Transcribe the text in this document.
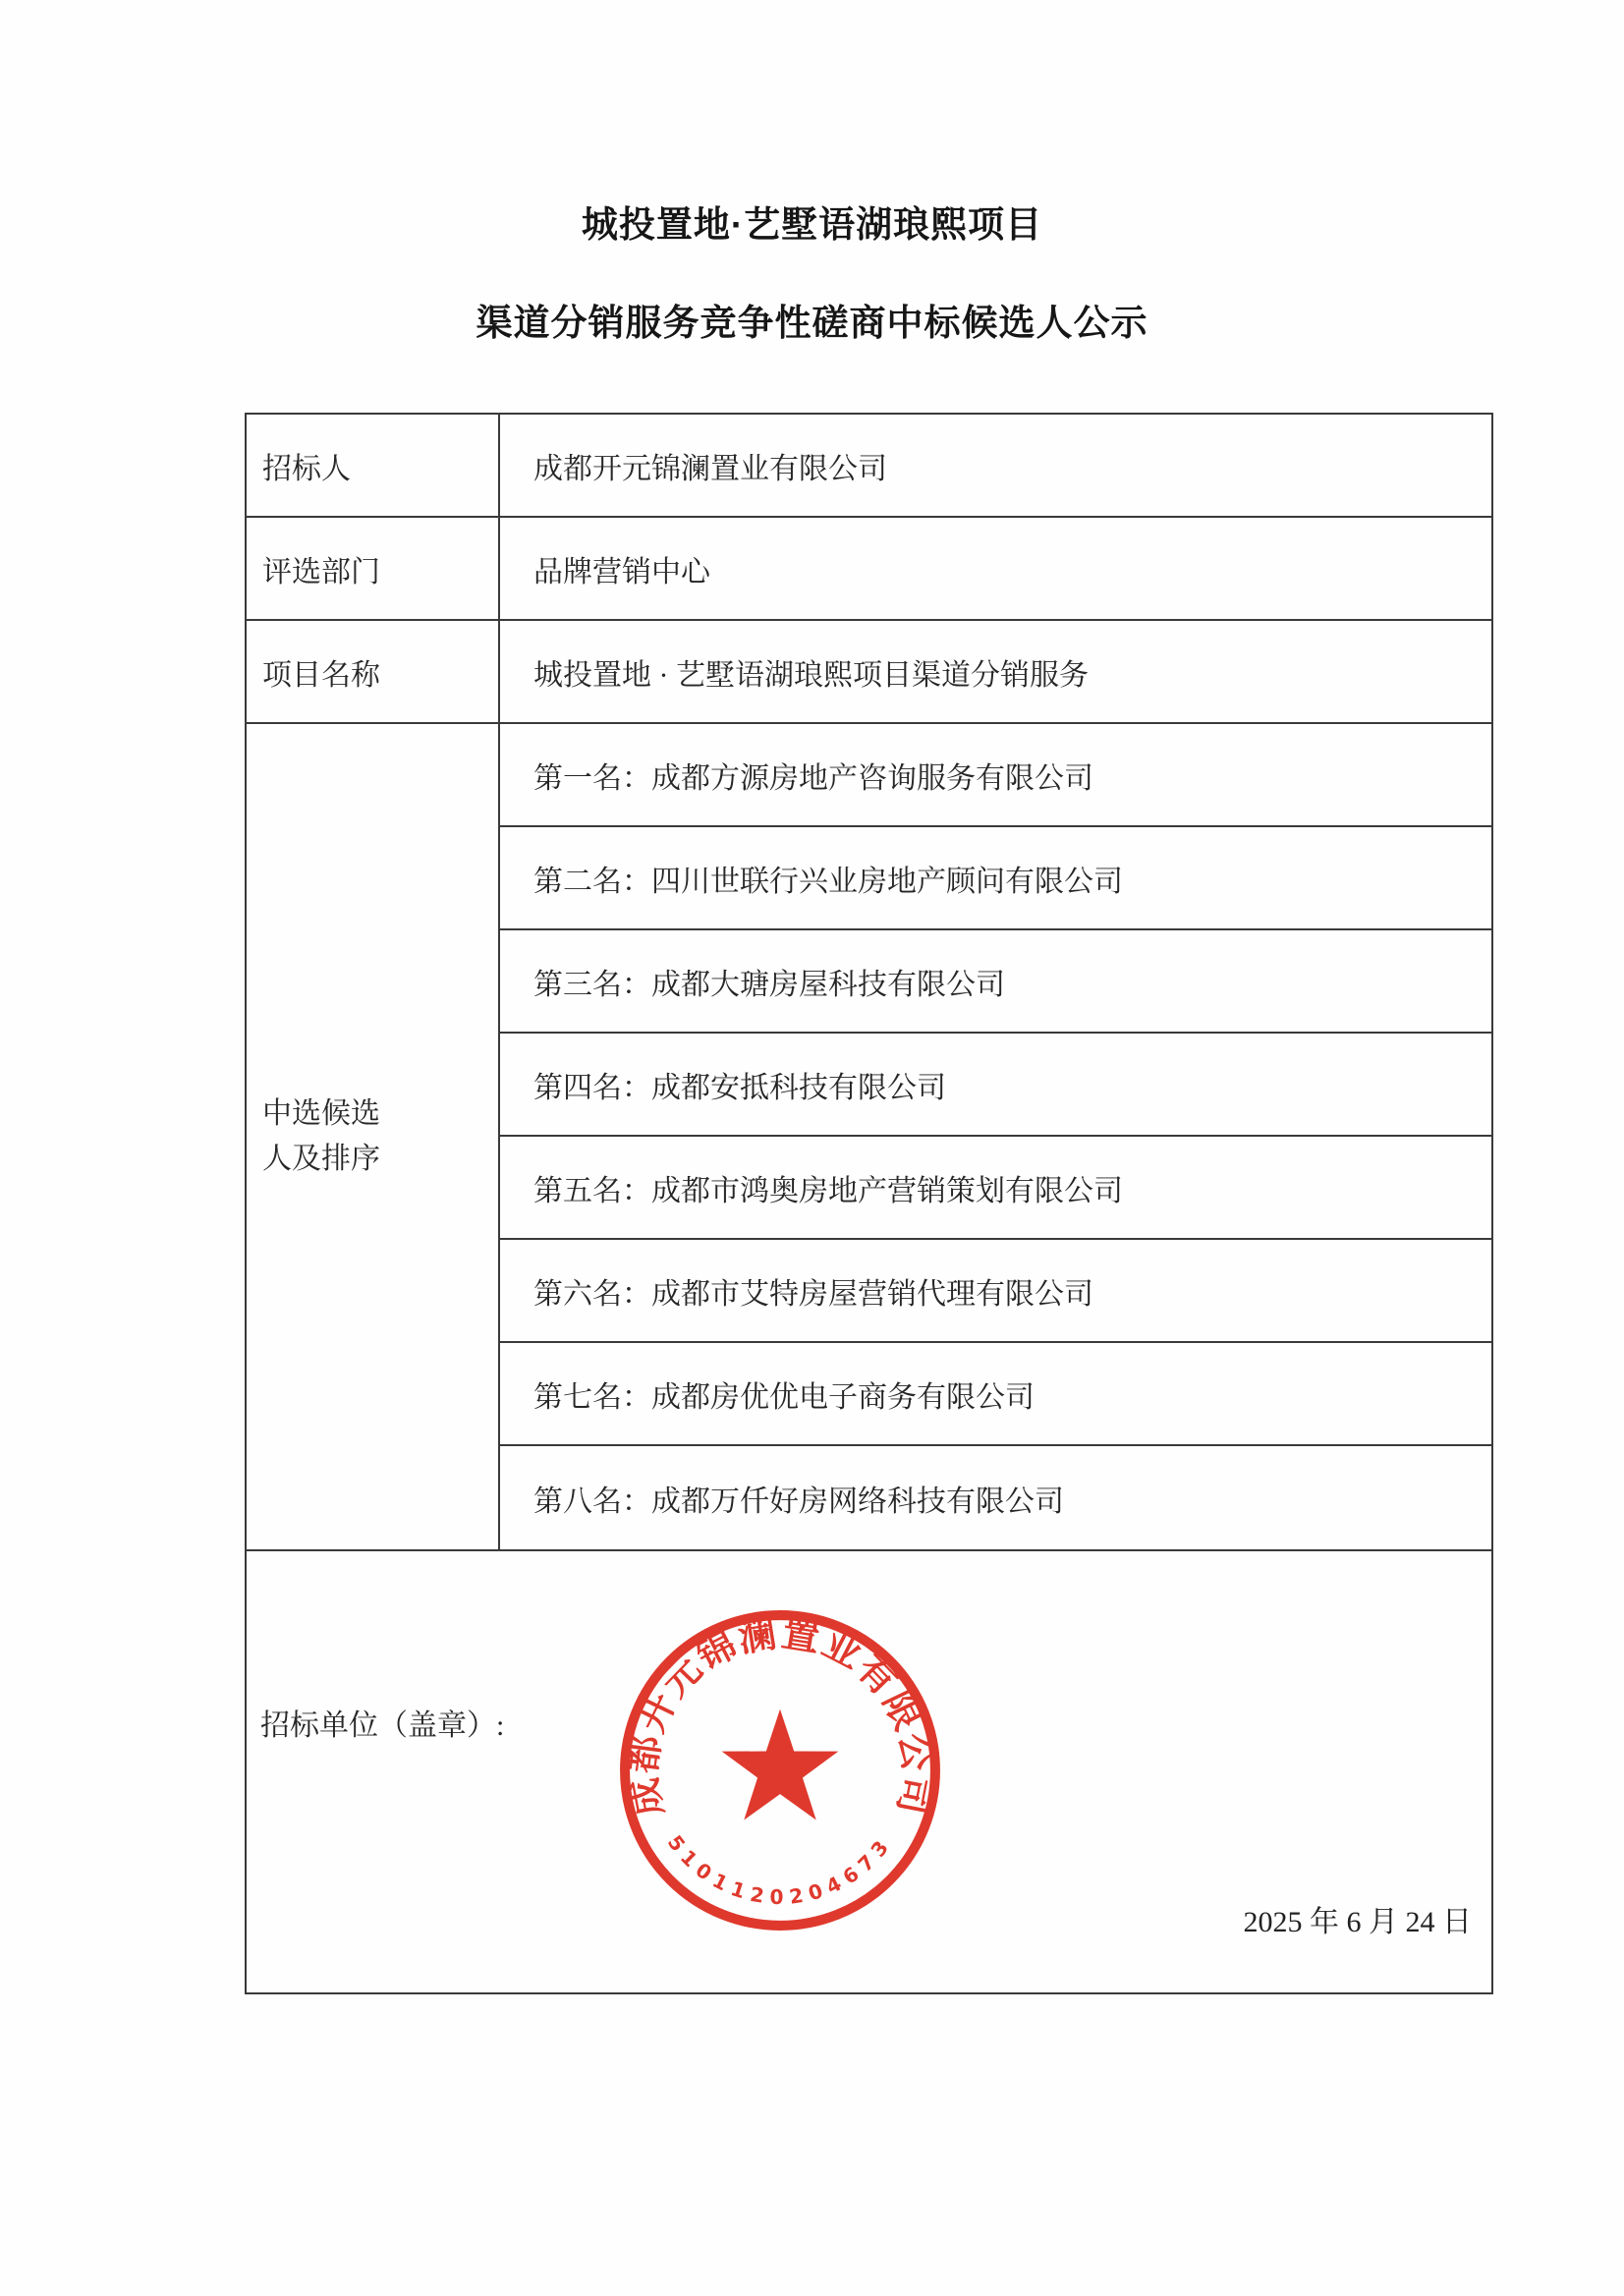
城投置地·艺墅语湖琅熙项目
渠道分销服务竞争性磋商中标候选人公示
招标人	成都开元锦澜置业有限公司
评选部门	品牌营销中心
项目名称	城投置地 · 艺墅语湖琅熙项目渠道分销服务
中选候选人及排序
第一名：成都方源房地产咨询服务有限公司
第二名：四川世联行兴业房地产顾问有限公司
第三名：成都大瑭房屋科技有限公司
第四名：成都安抵科技有限公司
第五名：成都市鸿奥房地产营销策划有限公司
第六名：成都市艾特房屋营销代理有限公司
第七名：成都房优优电子商务有限公司
第八名：成都万仟好房网络科技有限公司
招标单位（盖章）:
成都开元锦澜置业有限公司
5101120204673
2025 年 6 月 24 日
